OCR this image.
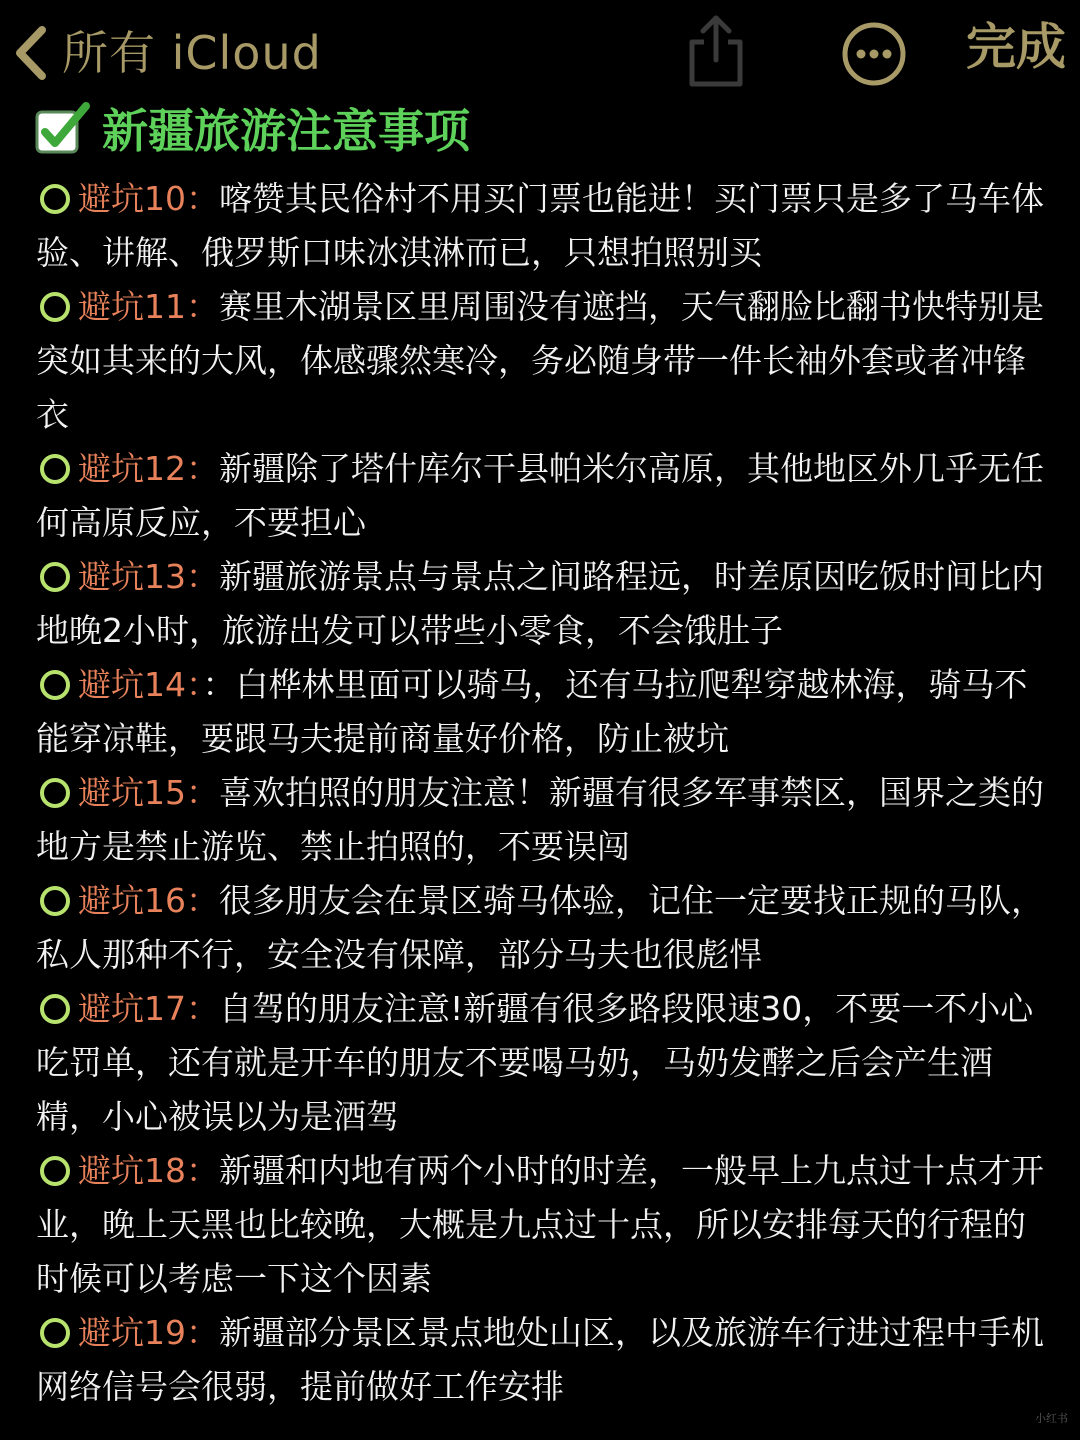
所有 iCloud	完成
新疆旅游注意事项
避坑10：喀赞其民俗村不用买门票也能进！买门票只是多了马车体验、讲解、俄罗斯口味冰淇淋而已，只想拍照别买
避坑11：赛里木湖景区里周围没有遮挡，天气翻脸比翻书快特别是突如其来的大风，体感骤然寒冷，务必随身带一件长袖外套或者冲锋衣
避坑12：新疆除了塔什库尔干县帕米尔高原，其他地区外几乎无任何高原反应，不要担心
避坑13：新疆旅游景点与景点之间路程远，时差原因吃饭时间比内地晚2小时，旅游出发可以带些小零食，不会饿肚子
避坑14：：白桦林里面可以骑马，还有马拉爬犁穿越林海，骑马不能穿凉鞋，要跟马夫提前商量好价格，防止被坑
避坑15：喜欢拍照的朋友注意！新疆有很多军事禁区，国界之类的地方是禁止游览、禁止拍照的，不要误闯
避坑16：很多朋友会在景区骑马体验，记住一定要找正规的马队，私人那种不行，安全没有保障，部分马夫也很彪悍
避坑17：自驾的朋友注意!新疆有很多路段限速30，不要一不小心吃罚单，还有就是开车的朋友不要喝马奶，马奶发酵之后会产生酒精，小心被误以为是酒驾
避坑18：新疆和内地有两个小时的时差，一般早上九点过十点才开业，晚上天黑也比较晚，大概是九点过十点，所以安排每天的行程的时候可以考虑一下这个因素
避坑19：新疆部分景区景点地处山区，以及旅游车行进过程中手机网络信号会很弱，提前做好工作安排
小红书
